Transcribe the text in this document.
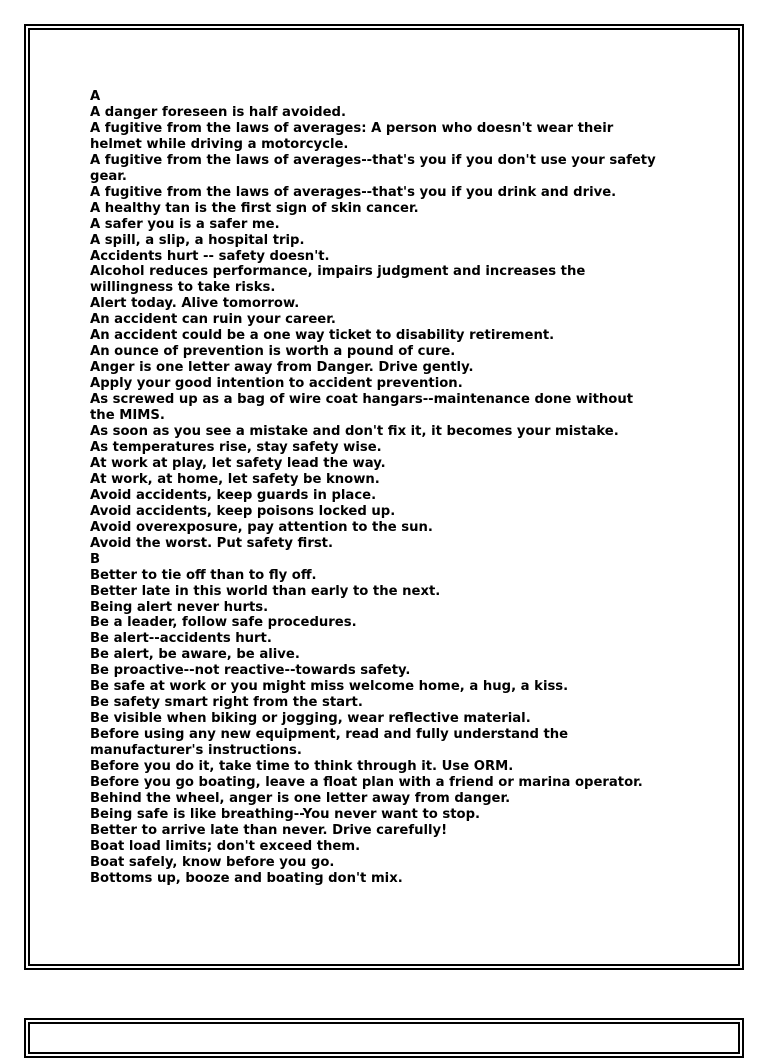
A
A danger foreseen is half avoided.
A fugitive from the laws of averages: A person who doesn't wear their
helmet while driving a motorcycle.
A fugitive from the laws of averages--that's you if you don't use your safety
gear.
A fugitive from the laws of averages--that's you if you drink and drive.
A healthy tan is the first sign of skin cancer.
A safer you is a safer me.
A spill, a slip, a hospital trip.
Accidents hurt -- safety doesn't.
Alcohol reduces performance, impairs judgment and increases the
willingness to take risks.
Alert today. Alive tomorrow.
An accident can ruin your career.
An accident could be a one way ticket to disability retirement.
An ounce of prevention is worth a pound of cure.
Anger is one letter away from Danger. Drive gently.
Apply your good intention to accident prevention.
As screwed up as a bag of wire coat hangars--maintenance done without
the MIMS.
As soon as you see a mistake and don't fix it, it becomes your mistake.
As temperatures rise, stay safety wise.
At work at play, let safety lead the way.
At work, at home, let safety be known.
Avoid accidents, keep guards in place.
Avoid accidents, keep poisons locked up.
Avoid overexposure, pay attention to the sun.
Avoid the worst. Put safety first.
B
Better to tie off than to fly off.
Better late in this world than early to the next.
Being alert never hurts.
Be a leader, follow safe procedures.
Be alert--accidents hurt.
Be alert, be aware, be alive.
Be proactive--not reactive--towards safety.
Be safe at work or you might miss welcome home, a hug, a kiss.
Be safety smart right from the start.
Be visible when biking or jogging, wear reflective material.
Before using any new equipment, read and fully understand the
manufacturer's instructions.
Before you do it, take time to think through it. Use ORM.
Before you go boating, leave a float plan with a friend or marina operator.
Behind the wheel, anger is one letter away from danger.
Being safe is like breathing--You never want to stop.
Better to arrive late than never. Drive carefully!
Boat load limits; don't exceed them.
Boat safely, know before you go.
Bottoms up, booze and boating don't mix.
